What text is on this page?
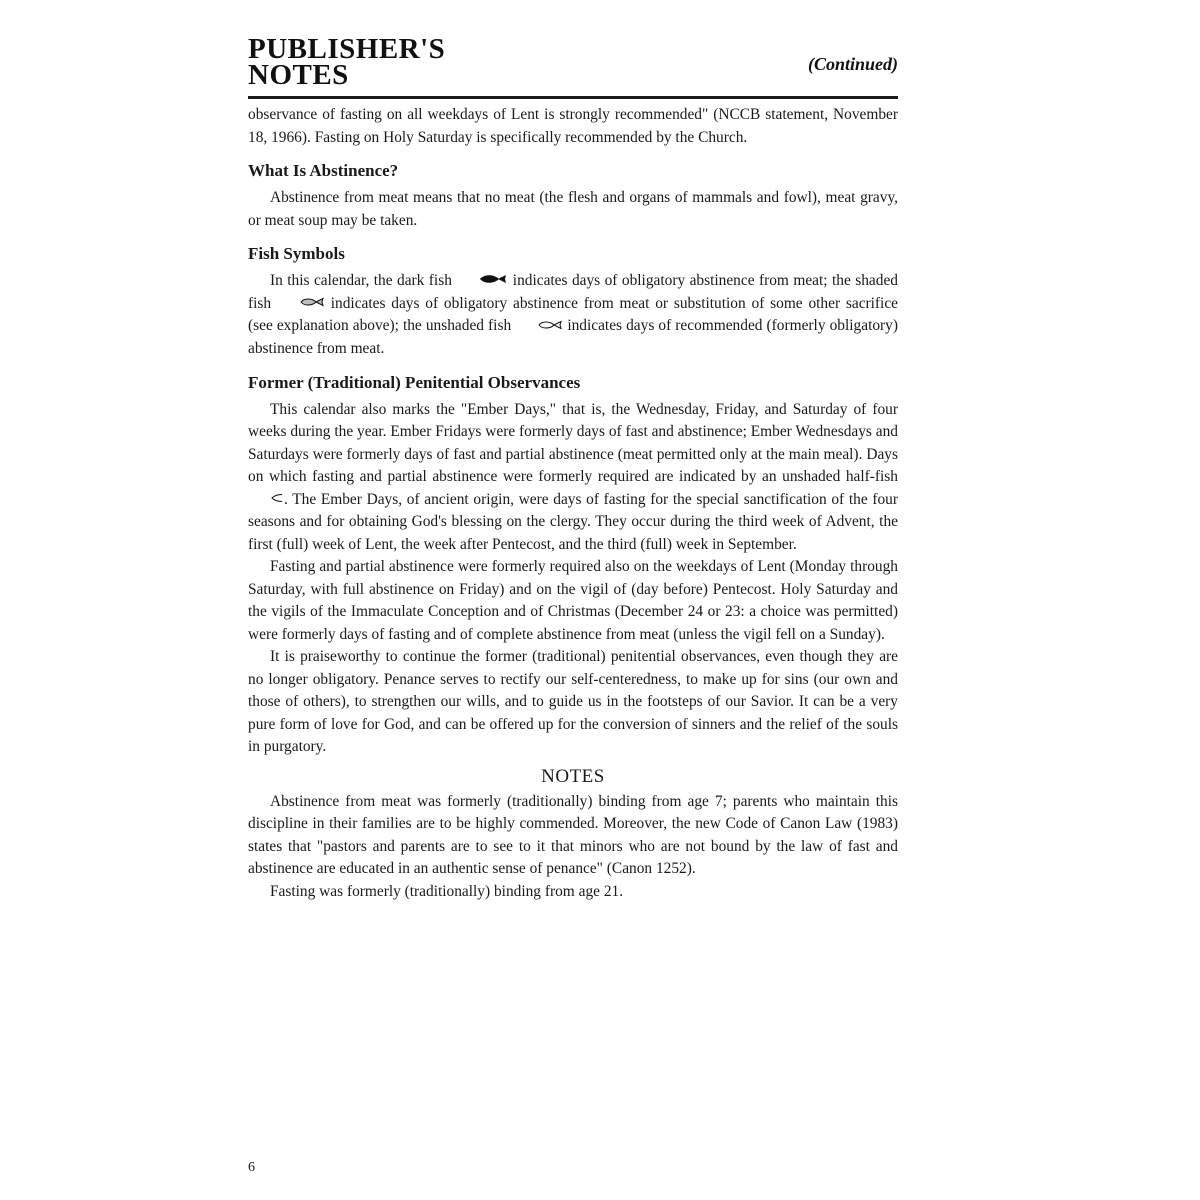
PUBLISHER'S
NOTES	(Continued)

observance of fasting on all weekdays of Lent is strongly recommended" (NCCB statement, November 18, 1966). Fasting on Holy Saturday is specifically recommended by the Church.

What Is Abstinence?

Abstinence from meat means that no meat (the flesh and organs of mammals and fowl), meat gravy, or meat soup may be taken.

Fish Symbols

In this calendar, the dark fish	indicates days of obligatory abstinence from meat; the shaded fish	indicates days of obligatory abstinence from meat or substitution of some other sacrifice (see explanation above); the unshaded fish	indicates days of recommended (formerly obligatory) abstinence from meat.

Former (Traditional) Penitential Observances

This calendar also marks the "Ember Days," that is, the Wednesday, Friday, and Saturday of four weeks during the year. Ember Fridays were formerly days of fast and abstinence; Ember Wednesdays and Saturdays were formerly days of fast and partial abstinence (meat permitted only at the main meal). Days on which fasting and partial abstinence were formerly required are indicated by an unshaded half-fish . The Ember Days, of ancient origin, were days of fasting for the special sanctification of the four seasons and for obtaining God's blessing on the clergy. They occur during the third week of Advent, the first (full) week of Lent, the week after Pentecost, and the third (full) week in September.

Fasting and partial abstinence were formerly required also on the weekdays of Lent (Monday through Saturday, with full abstinence on Friday) and on the vigil of (day before) Pentecost. Holy Saturday and the vigils of the Immaculate Conception and of Christmas (December 24 or 23: a choice was permitted) were formerly days of fasting and of complete abstinence from meat (unless the vigil fell on a Sunday).

It is praiseworthy to continue the former (traditional) penitential observances, even though they are no longer obligatory. Penance serves to rectify our self-centeredness, to make up for sins (our own and those of others), to strengthen our wills, and to guide us in the footsteps of our Savior. It can be a very pure form of love for God, and can be offered up for the conversion of sinners and the relief of the souls in purgatory.

NOTES

Abstinence from meat was formerly (traditionally) binding from age 7; parents who maintain this discipline in their families are to be highly commended. Moreover, the new Code of Canon Law (1983) states that "pastors and parents are to see to it that minors who are not bound by the law of fast and abstinence are educated in an authentic sense of penance" (Canon 1252).

Fasting was formerly (traditionally) binding from age 21.

6
